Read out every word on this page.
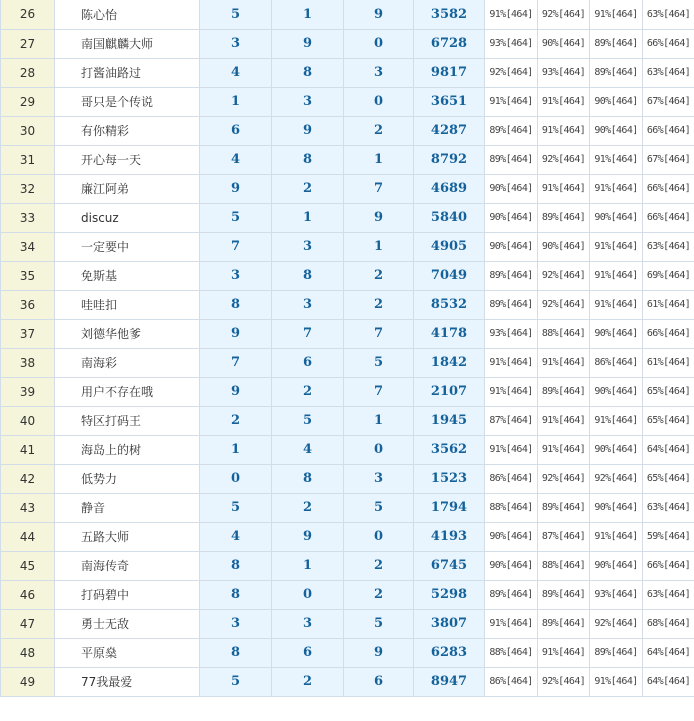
26	陈心怡	5	1	9	3582	91%[464]	92%[464]	91%[464]	63%[464]
27	南国麒麟大师	3	9	0	6728	93%[464]	90%[464]	89%[464]	66%[464]
28	打酱油路过	4	8	3	9817	92%[464]	93%[464]	89%[464]	63%[464]
29	哥只是个传说	1	3	0	3651	91%[464]	91%[464]	90%[464]	67%[464]
30	有你精彩	6	9	2	4287	89%[464]	91%[464]	90%[464]	66%[464]
31	开心每一天	4	8	1	8792	89%[464]	92%[464]	91%[464]	67%[464]
32	廉江阿弟	9	2	7	4689	90%[464]	91%[464]	91%[464]	66%[464]
33	discuz	5	1	9	5840	90%[464]	89%[464]	90%[464]	66%[464]
34	一定要中	7	3	1	4905	90%[464]	90%[464]	91%[464]	63%[464]
35	免斯基	3	8	2	7049	89%[464]	92%[464]	91%[464]	69%[464]
36	哇哇扣	8	3	2	8532	89%[464]	92%[464]	91%[464]	61%[464]
37	刘德华他爹	9	7	7	4178	93%[464]	88%[464]	90%[464]	66%[464]
38	南海彩	7	6	5	1842	91%[464]	91%[464]	86%[464]	61%[464]
39	用户不存在哦	9	2	7	2107	91%[464]	89%[464]	90%[464]	65%[464]
40	特区打码王	2	5	1	1945	87%[464]	91%[464]	91%[464]	65%[464]
41	海岛上的树	1	4	0	3562	91%[464]	91%[464]	90%[464]	64%[464]
42	低势力	0	8	3	1523	86%[464]	92%[464]	92%[464]	65%[464]
43	静音	5	2	5	1794	88%[464]	89%[464]	90%[464]	63%[464]
44	五路大师	4	9	0	4193	90%[464]	87%[464]	91%[464]	59%[464]
45	南海传奇	8	1	2	6745	90%[464]	88%[464]	90%[464]	66%[464]
46	打码碧中	8	0	2	5298	89%[464]	89%[464]	93%[464]	63%[464]
47	勇士无敌	3	3	5	3807	91%[464]	89%[464]	92%[464]	68%[464]
48	平原燊	8	6	9	6283	88%[464]	91%[464]	89%[464]	64%[464]
49	77我最爱	5	2	6	8947	86%[464]	92%[464]	91%[464]	64%[464]
